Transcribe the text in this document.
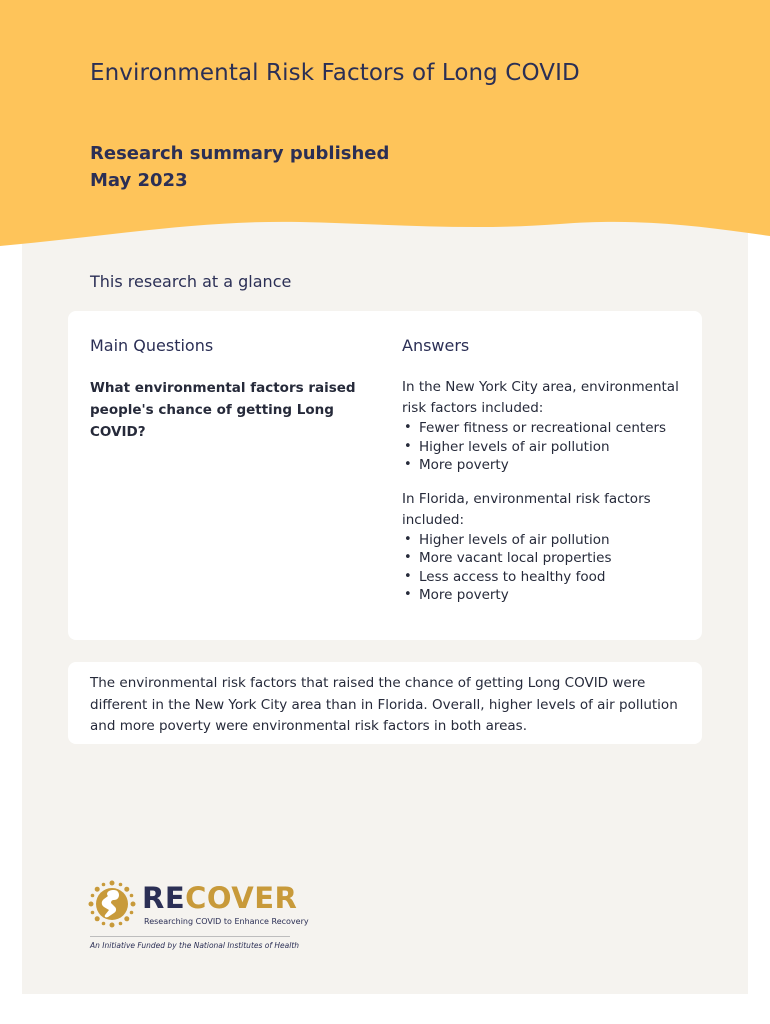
Environmental Risk Factors of Long COVID
Research summary published
May 2023
This research at a glance
Main Questions	Answers
What environmental factors raised people's chance of getting Long COVID?

In the New York City area, environmental risk factors included:

• Fewer fitness or recreational centers
• Higher levels of air pollution
• More poverty

In Florida, environmental risk factors included:

• Higher levels of air pollution
• More vacant local properties
• Less access to healthy food
• More poverty

The environmental risk factors that raised the chance of getting Long COVID were different in the New York City area than in Florida. Overall, higher levels of air pollution and more poverty were environmental risk factors in both areas.

RECOVER
Researching COVID to Enhance Recovery
An Initiative Funded by the National Institutes of Health
